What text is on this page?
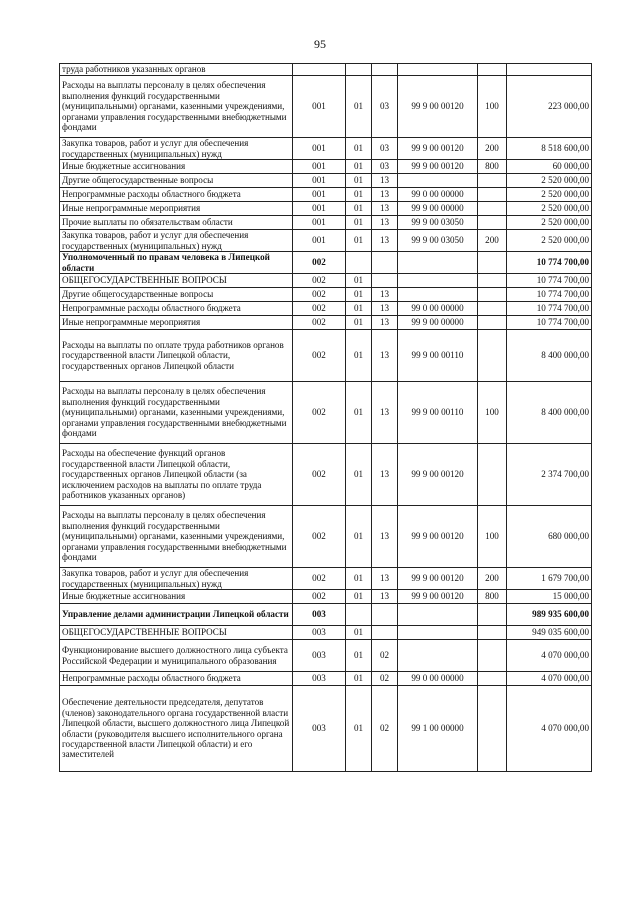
95
труда работников указанных органов						
Расходы на выплаты персоналу в целях обеспечения выполнения функций государственными (муниципальными) органами, казенными учреждениями, органами управления государственными внебюджетными фондами	001	01	03	99 9 00 00120	100	223 000,00
Закупка товаров, работ и услуг для обеспечения государственных (муниципальных) нужд	001	01	03	99 9 00 00120	200	8 518 600,00
Иные бюджетные ассигнования	001	01	03	99 9 00 00120	800	60 000,00
Другие общегосударственные вопросы	001	01	13			2 520 000,00
Непрограммные расходы областного бюджета	001	01	13	99 0 00 00000		2 520 000,00
Иные непрограммные мероприятия	001	01	13	99 9 00 00000		2 520 000,00
Прочие выплаты по обязательствам области	001	01	13	99 9 00 03050		2 520 000,00
Закупка товаров, работ и услуг для обеспечения государственных (муниципальных) нужд	001	01	13	99 9 00 03050	200	2 520 000,00
Уполномоченный по правам человека в Липецкой области	002					10 774 700,00
ОБЩЕГОСУДАРСТВЕННЫЕ ВОПРОСЫ	002	01				10 774 700,00
Другие общегосударственные вопросы	002	01	13			10 774 700,00
Непрограммные расходы областного бюджета	002	01	13	99 0 00 00000		10 774 700,00
Иные непрограммные мероприятия	002	01	13	99 9 00 00000		10 774 700,00
Расходы на выплаты по оплате труда работников органов государственной власти Липецкой области, государственных органов Липецкой области	002	01	13	99 9 00 00110		8 400 000,00
Расходы на выплаты персоналу в целях обеспечения выполнения функций государственными (муниципальными) органами, казенными учреждениями, органами управления государственными внебюджетными фондами	002	01	13	99 9 00 00110	100	8 400 000,00
Расходы на обеспечение функций органов государственной власти Липецкой области, государственных органов Липецкой области (за исключением расходов на выплаты по оплате труда работников указанных органов)	002	01	13	99 9 00 00120		2 374 700,00
Расходы на выплаты персоналу в целях обеспечения выполнения функций государственными (муниципальными) органами, казенными учреждениями, органами управления государственными внебюджетными фондами	002	01	13	99 9 00 00120	100	680 000,00
Закупка товаров, работ и услуг для обеспечения государственных (муниципальных) нужд	002	01	13	99 9 00 00120	200	1 679 700,00
Иные бюджетные ассигнования	002	01	13	99 9 00 00120	800	15 000,00
Управление делами администрации Липецкой области	003					989 935 600,00
ОБЩЕГОСУДАРСТВЕННЫЕ ВОПРОСЫ	003	01				949 035 600,00
Функционирование высшего должностного лица субъекта Российской Федерации и муниципального образования	003	01	02			4 070 000,00
Непрограммные расходы областного бюджета	003	01	02	99 0 00 00000		4 070 000,00
Обеспечение деятельности председателя, депутатов (членов) законодательного органа государственной власти Липецкой области, высшего должностного лица Липецкой области (руководителя высшего исполнительного органа государственной власти Липецкой области) и его заместителей	003	01	02	99 1 00 00000		4 070 000,00
